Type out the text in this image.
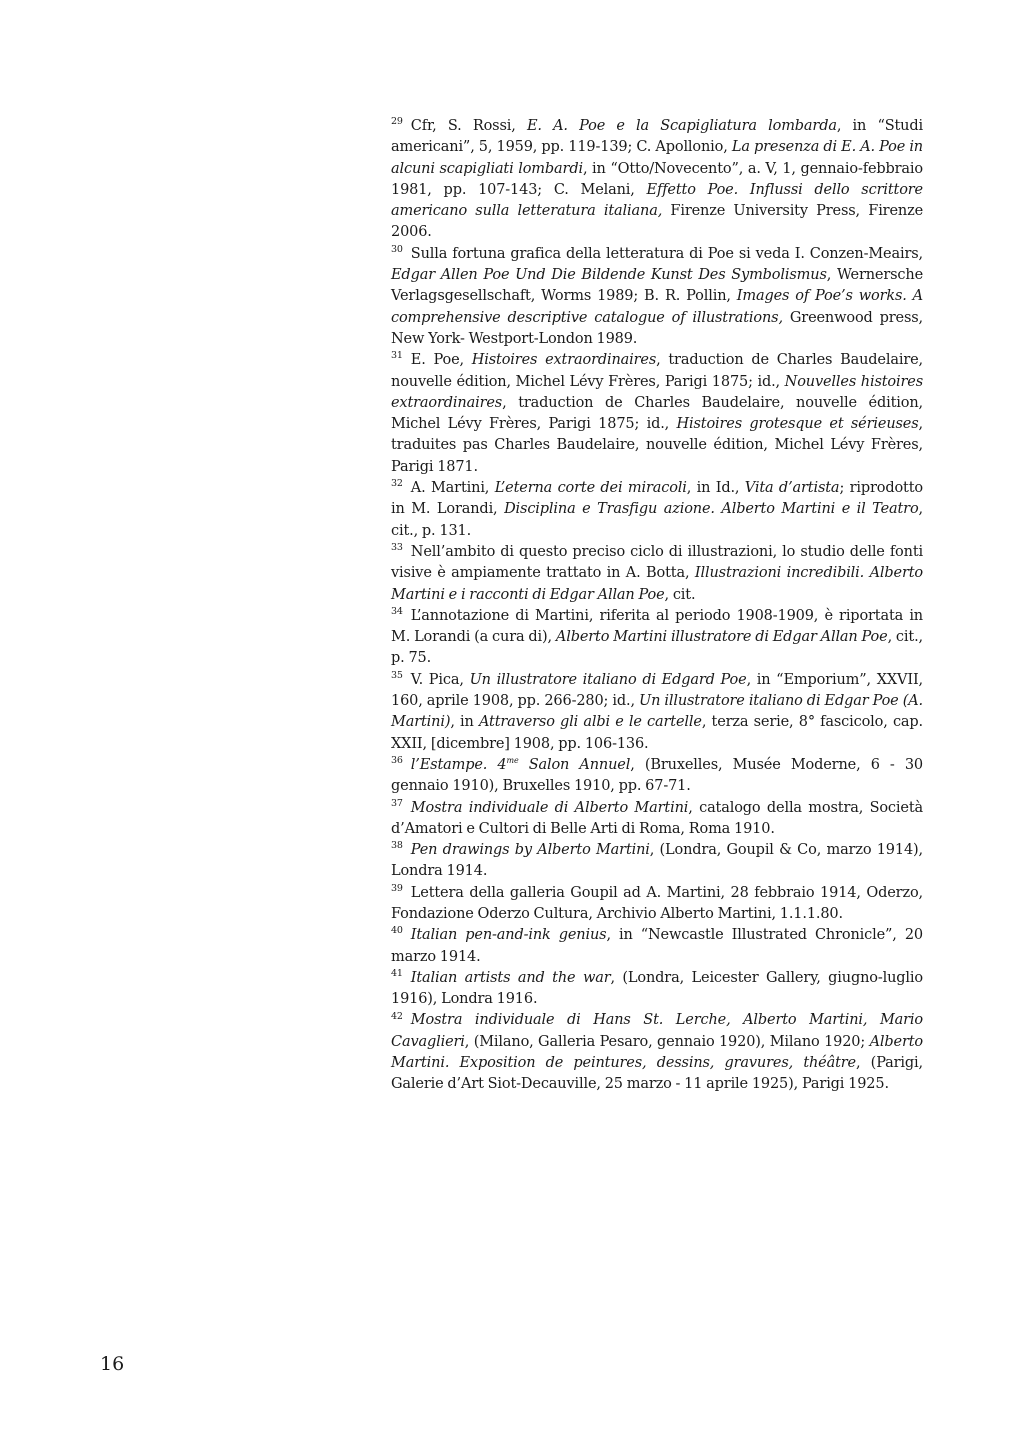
$^{29}$ Cfr, S. Rossi, E. A. Poe e la Scapigliatura lombarda, in “Studi americani”, 5, 1959, pp. 119-139; C. Apollonio, La presenza di E. A. Poe in alcuni scapigliati lombardi, in “Otto/Novecento”, a. V, 1, gennaio-febbraio 1981, pp. 107-143; C. Melani, Effetto Poe. Influssi dello scrittore americano sulla letteratura italiana, Firenze University Press, Firenze 2006.

$^{30}$ Sulla fortuna grafica della letteratura di Poe si veda I. Conzen-Meairs, Edgar Allen Poe Und Die Bildende Kunst Des Symbolismus, Wernersche Verlagsgesellschaft, Worms 1989; B. R. Pollin, Images of Poe’s works. A comprehensive descriptive catalogue of illustrations, Greenwood press, New York- Westport-London 1989.

$^{31}$ E. Poe, Histoires extraordinaires, traduction de Charles Baudelaire, nouvelle édition, Michel Lévy Frères, Parigi 1875; id., Nouvelles histoires extraordinaires, traduction de Charles Baudelaire, nouvelle édition, Michel Lévy Frères, Parigi 1875; id., Histoires grotesque et sérieuses, traduites pas Charles Baudelaire, nouvelle édition, Michel Lévy Frères, Parigi 1871.

$^{32}$ A. Martini, L’eterna corte dei miracoli, in Id., Vita d’artista; riprodotto in M. Lorandi, Disciplina e Trasfigu azione. Alberto Martini e il Teatro, cit., p. 131.

$^{33}$ Nell’ambito di questo preciso ciclo di illustrazioni, lo studio delle fonti visive è ampiamente trattato in A. Botta, Illustrazioni incredibili. Alberto Martini e i racconti di Edgar Allan Poe, cit.

$^{34}$ L’annotazione di Martini, riferita al periodo 1908-1909, è riportata in M. Lorandi (a cura di), Alberto Martini illustratore di Edgar Allan Poe, cit., p. 75.

$^{35}$ V. Pica, Un illustratore italiano di Edgard Poe, in “Emporium”, XXVII, 160, aprile 1908, pp. 266-280; id., Un illustratore italiano di Edgar Poe (A. Martini), in Attraverso gli albi e le cartelle, terza serie, 8° fascicolo, cap. XXII, [dicembre] 1908, pp. 106-136.

$^{36}$ l’Estampe. $4^{me}$ Salon Annuel, (Bruxelles, Musée Moderne, 6 - 30 gennaio 1910), Bruxelles 1910, pp. 67-71.

$^{37}$ Mostra individuale di Alberto Martini, catalogo della mostra, Società d’Amatori e Cultori di Belle Arti di Roma, Roma 1910.

$^{38}$ Pen drawings by Alberto Martini, (Londra, Goupil & Co, marzo 1914), Londra 1914.

$^{39}$ Lettera della galleria Goupil ad A. Martini, 28 febbraio 1914, Oderzo, Fondazione Oderzo Cultura, Archivio Alberto Martini, 1.1.1.80.

$^{40}$ Italian pen-and-ink genius, in “Newcastle Illustrated Chronicle”, 20 marzo 1914.

$^{41}$ Italian artists and the war, (Londra, Leicester Gallery, giugno-luglio 1916), Londra 1916.

$^{42}$ Mostra individuale di Hans St. Lerche, Alberto Martini, Mario Cavaglieri, (Milano, Galleria Pesaro, gennaio 1920), Milano 1920; Alberto Martini. Exposition de peintures, dessins, gravures, théâtre, (Parigi, Galerie d’Art Siot-Decauville, 25 marzo - 11 aprile 1925), Parigi 1925.

16
